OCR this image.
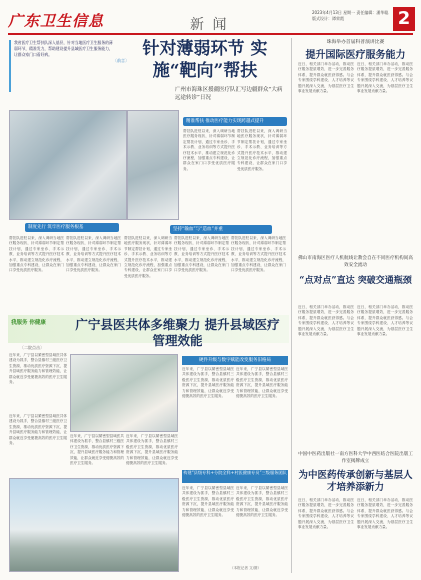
广东卫生信息	新 闻
2023年4月13日 星期一 责任编辑：潘华聪 版式设计：谭荣霞	2
我省医疗卫生帮扶队深入基层，针对当地医疗卫生服务的薄弱环节，精准发力，帮助建设提升县域医疗卫生服务能力，让群众家门口看好病。
〔前言〕
针对薄弱环节 实施“靶向”帮扶
广州市海珠区援疆医疗队汇写边疆群众“大病远途转诊”日况
精准帮扶 推动医疗能力实现跨越式提升
帮扶队进驻以来，深入调研当地医疗服务现状，针对薄弱环节制定帮扶计划，通过专家坐诊、手术示教、业务培训等方式提升医疗技术水平，推动建立规范化诊疗流程，加强重点专科建设，让群众在家门口享受优质医疗服务。
帮扶队进驻以来，深入调研当地医疗服务现状，针对薄弱环节制定帮扶计划，通过专家坐诊、手术示教、业务培训等方式提升医疗技术水平，推动建立规范化诊疗流程，加强重点专科建设，让群众在家门口享受优质医疗服务。
制度先行 筑牢医疗服务根基	坚持“输血”与“造血”并重
帮扶队进驻以来，深入调研当地医疗服务现状，针对薄弱环节制定帮扶计划，通过专家坐诊、手术示教、业务培训等方式提升医疗技术水平，推动建立规范化诊疗流程，加强重点专科建设，让群众在家门口享受优质医疗服务。
帮扶队进驻以来，深入调研当地医疗服务现状，针对薄弱环节制定帮扶计划，通过专家坐诊、手术示教、业务培训等方式提升医疗技术水平，推动建立规范化诊疗流程，加强重点专科建设，让群众在家门口享受优质医疗服务。
帮扶队进驻以来，深入调研当地医疗服务现状，针对薄弱环节制定帮扶计划，通过专家坐诊、手术示教、业务培训等方式提升医疗技术水平，推动建立规范化诊疗流程，加强重点专科建设，让群众在家门口享受优质医疗服务。
帮扶队进驻以来，深入调研当地医疗服务现状，针对薄弱环节制定帮扶计划，通过专家坐诊、手术示教、业务培训等方式提升医疗技术水平，推动建立规范化诊疗流程，加强重点专科建设，让群众在家门口享受优质医疗服务。
帮扶队进驻以来，深入调研当地医疗服务现状，针对薄弱环节制定帮扶计划，通过专家坐诊、手术示教、业务培训等方式提升医疗技术水平，推动建立规范化诊疗流程，加强重点专科建设，让群众在家门口享受优质医疗服务。
珠海举办首届科普演讲比赛
提升国际医疗服务能力
近日，相关部门举办活动，推动医疗服务提质增效，进一步完善服务体系，提升群众就医获得感。与会专家围绕学科建设、人才培养等议题开展深入交流，为基层医疗卫生事业发展贡献力量。
近日，相关部门举办活动，推动医疗服务提质增效，进一步完善服务体系，提升群众就医获得感。与会专家围绕学科建设、人才培养等议题开展深入交流，为基层医疗卫生事业发展贡献力量。
佛山市南海区医疗人机航线让教会自在不同医疗机构间高效安全流动
“点对点”直达 突破交通瓶颈
近日，相关部门举办活动，推动医疗服务提质增效，进一步完善服务体系，提升群众就医获得感。与会专家围绕学科建设、人才培养等议题开展深入交流，为基层医疗卫生事业发展贡献力量。
近日，相关部门举办活动，推动医疗服务提质增效，进一步完善服务体系，提升群众就医获得感。与会专家围绕学科建设、人才培养等议题开展深入交流，为基层医疗卫生事业发展贡献力量。
中国中医药出版社一南方医科大学中西医结合医院出版工作室揭牌成立
为中医药传承创新与基层人才培养添新力
近日，相关部门举办活动，推动医疗服务提质增效，进一步完善服务体系，提升群众就医获得感。与会专家围绕学科建设、人才培养等议题开展深入交流，为基层医疗卫生事业发展贡献力量。
近日，相关部门举办活动，推动医疗服务提质增效，进一步完善服务体系，提升群众就医获得感。与会专家围绕学科建设、人才培养等议题开展深入交流，为基层医疗卫生事业发展贡献力量。
我服务 你健康
〔二院点击〕
广宁县医共体多维聚力 提升县域医疗管理效能
近年来，广宁县以紧密型县域医共体建设为抓手，整合县镇村三级医疗卫生资源，推动优质医疗资源下沉，提升县域医疗服务能力和管理效能，让群众就近享受便捷高效的医疗卫生服务。
硬件升级与数字赋能改变服务旧格局
近年来，广宁县以紧密型县域医共体建设为抓手，整合县镇村三级医疗卫生资源，推动优质医疗资源下沉，提升县域医疗服务能力和管理效能，让群众就近享受便捷高效的医疗卫生服务。
近年来，广宁县以紧密型县域医共体建设为抓手，整合县镇村三级医疗卫生资源，推动优质医疗资源下沉，提升县域医疗服务能力和管理效能，让群众就近享受便捷高效的医疗卫生服务。
近年来，广宁县以紧密型县域医共体建设为抓手，整合县镇村三级医疗卫生资源，推动优质医疗资源下沉，提升县域医疗服务能力和管理效能，让群众就近享受便捷高效的医疗卫生服务。
近年来，广宁县以紧密型县域医共体建设为抓手，整合县镇村三级医疗卫生资源，推动优质医疗资源下沉，提升县域医疗服务能力和管理效能，让群众就近享受便捷高效的医疗卫生服务。
近年来，广宁县以紧密型县域医共体建设为抓手，整合县镇村三级医疗卫生资源，推动优质医疗资源下沉，提升县域医疗服务能力和管理效能，让群众就近享受便捷高效的医疗卫生服务。
构建“县级专科+分院全科+村医健康专员”三级服务团队
近年来，广宁县以紧密型县域医共体建设为抓手，整合县镇村三级医疗卫生资源，推动优质医疗资源下沉，提升县域医疗服务能力和管理效能，让群众就近享受便捷高效的医疗卫生服务。
近年来，广宁县以紧密型县域医共体建设为抓手，整合县镇村三级医疗卫生资源，推动优质医疗资源下沉，提升县域医疗服务能力和管理效能，让群众就近享受便捷高效的医疗卫生服务。
（本报记者 文/图）
